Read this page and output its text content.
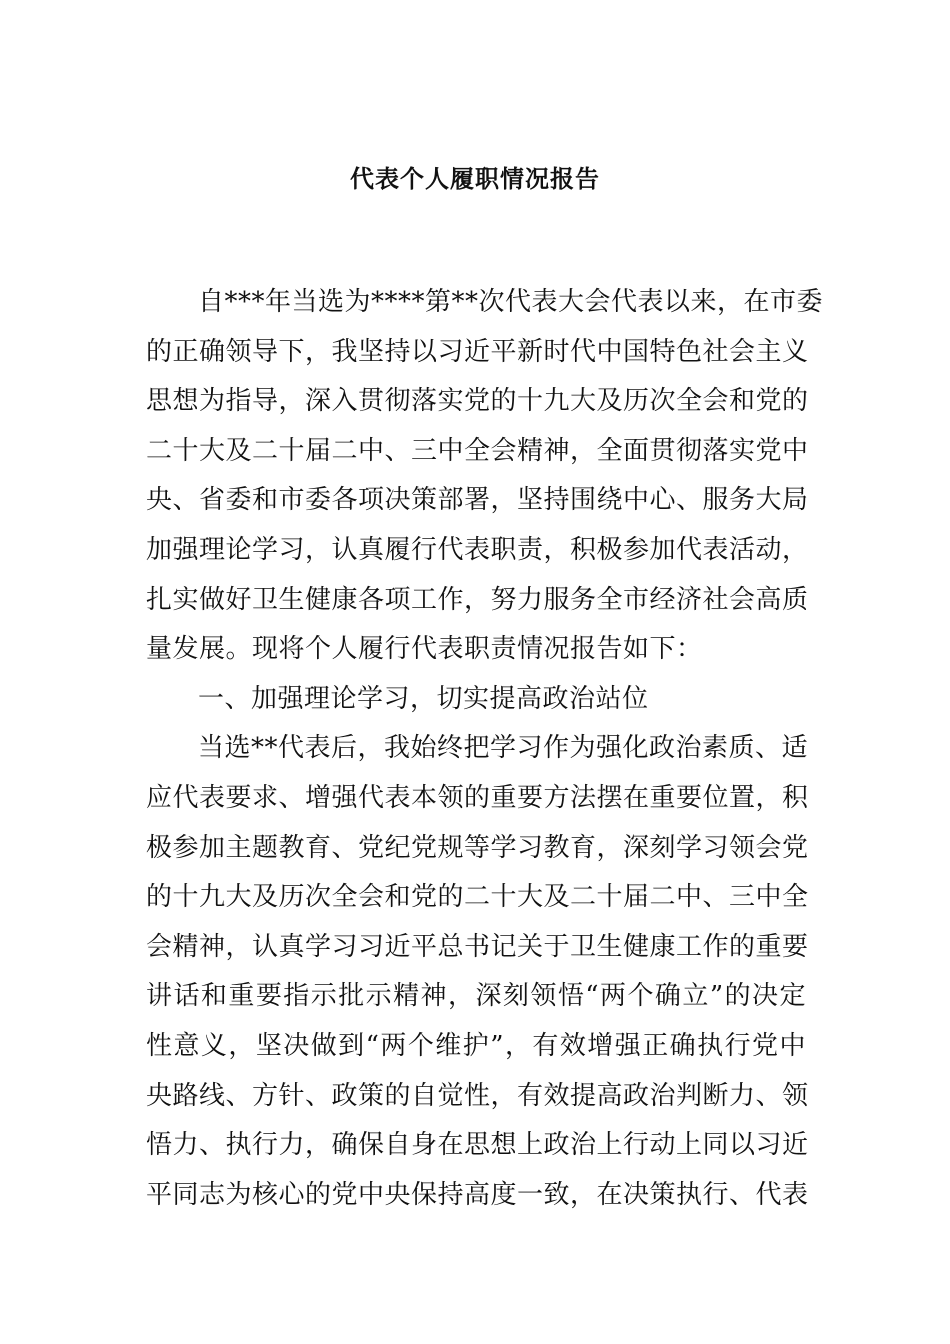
代表个人履职情况报告
自***年当选为****第**次代表大会代表以来，在市委
的正确领导下，我坚持以习近平新时代中国特色社会主义
思想为指导，深入贯彻落实党的十九大及历次全会和党的
二十大及二十届二中、三中全会精神，全面贯彻落实党中
央、省委和市委各项决策部署，坚持围绕中心、服务大局
加强理论学习，认真履行代表职责，积极参加代表活动，
扎实做好卫生健康各项工作，努力服务全市经济社会高质
量发展。现将个人履行代表职责情况报告如下：
一、加强理论学习，切实提高政治站位
当选**代表后，我始终把学习作为强化政治素质、适
应代表要求、增强代表本领的重要方法摆在重要位置，积
极参加主题教育、党纪党规等学习教育，深刻学习领会党
的十九大及历次全会和党的二十大及二十届二中、三中全
会精神，认真学习习近平总书记关于卫生健康工作的重要
讲话和重要指示批示精神，深刻领悟“两个确立”的决定
性意义，坚决做到“两个维护”，有效增强正确执行党中
央路线、方针、政策的自觉性，有效提高政治判断力、领
悟力、执行力，确保自身在思想上政治上行动上同以习近
平同志为核心的党中央保持高度一致，在决策执行、代表
